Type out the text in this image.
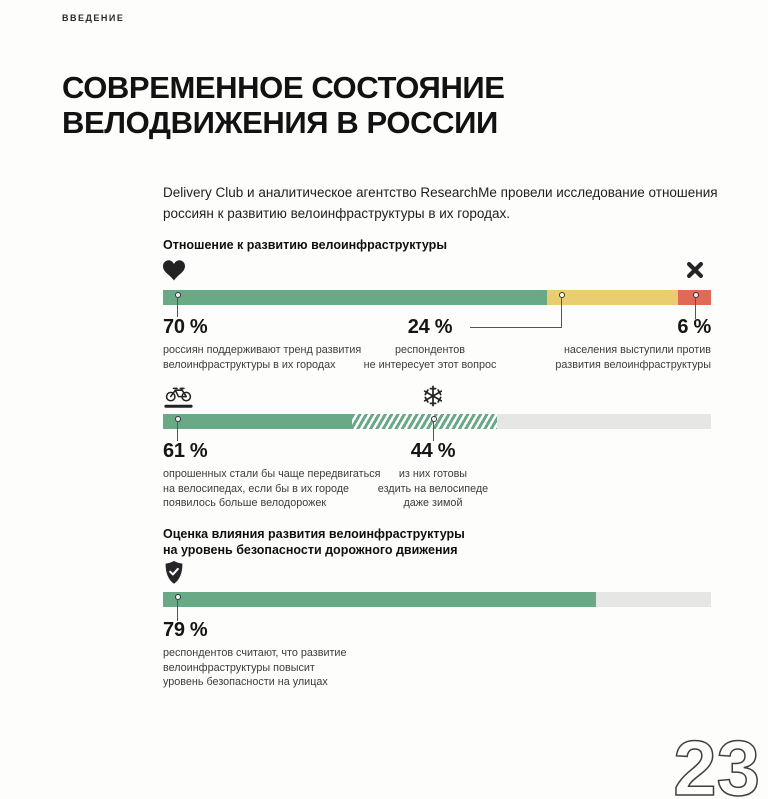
ВВЕДЕНИЕ
СОВРЕМЕННОЕ СОСТОЯНИЕ
ВЕЛОДВИЖЕНИЯ В РОССИИ
Delivery Club и аналитическое агентство ResearchMe провели исследование отношения
россиян к развитию велоинфраструктуры в их городах.
Отношение к развитию велоинфраструктуры
70 %
россиян поддерживают тренд развития
велоинфраструктуры в их городах
24 %
респондентов
не интересует этот вопрос
6 %
населения выступили против
развития велоинфраструктуры
61 %
опрошенных стали бы чаще передвигаться
на велосипедах, если бы в их городе
появилось больше велодорожек
44 %
из них готовы
ездить на велосипеде
даже зимой
Оценка влияния развития велоинфраструктуры
на уровень безопасности дорожного движения
79 %
респондентов считают, что развитие
велоинфраструктуры повысит
уровень безопасности на улицах
23
